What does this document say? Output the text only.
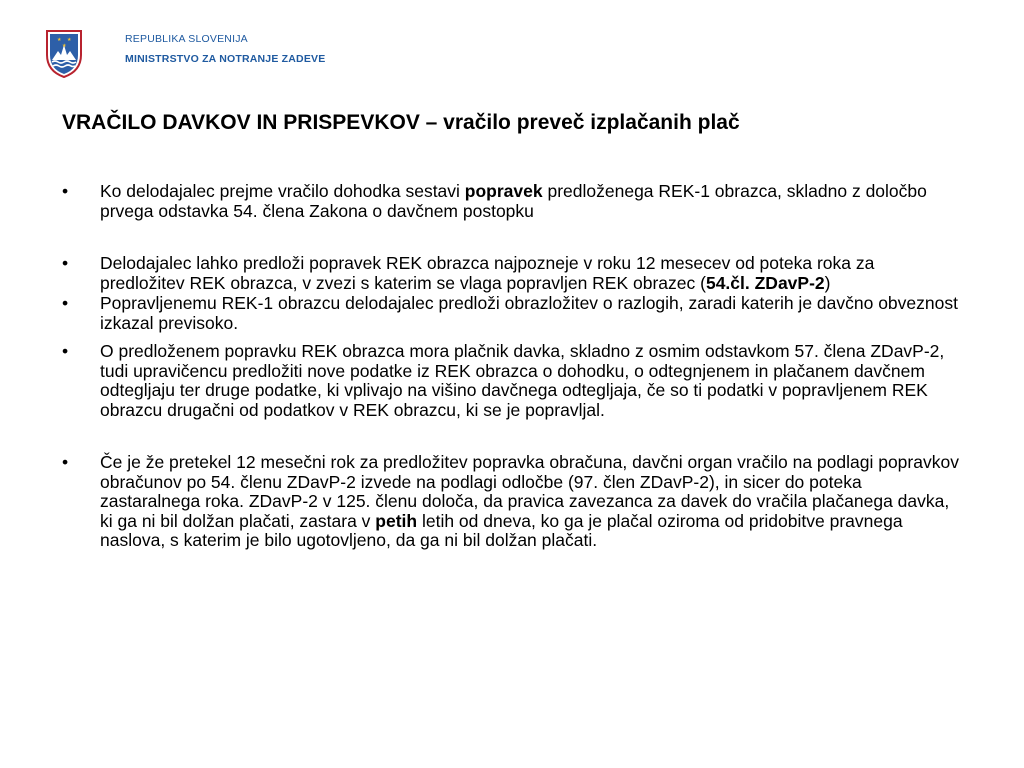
★ ★
★
REPUBLIKA SLOVENIJA
MINISTRSTVO ZA NOTRANJE ZADEVE
VRAČILO DAVKOV IN PRISPEVKOV – vračilo preveč izplačanih plač
• Ko delodajalec prejme vračilo dohodka sestavi popravek predloženega REK-1 obrazca, skladno z določbo prvega odstavka 54. člena Zakona o davčnem postopku
• Delodajalec lahko predloži popravek REK obrazca najpozneje v roku 12 mesecev od poteka roka za predložitev REK obrazca, v zvezi s katerim se vlaga popravljen REK obrazec (54.čl. ZDavP-2)
• Popravljenemu REK-1 obrazcu delodajalec predloži obrazložitev o razlogih, zaradi katerih je davčno obveznost izkazal previsoko.
• O predloženem popravku REK obrazca mora plačnik davka, skladno z osmim odstavkom 57. člena ZDavP-2, tudi upravičencu predložiti nove podatke iz REK obrazca o dohodku, o odtegnjenem in plačanem davčnem odtegljaju ter druge podatke, ki vplivajo na višino davčnega odtegljaja, če so ti podatki v popravljenem REK obrazcu drugačni od podatkov v REK obrazcu, ki se je popravljal.
• Če je že pretekel 12 mesečni rok za predložitev popravka obračuna, davčni organ vračilo na podlagi popravkov obračunov po 54. členu ZDavP-2 izvede na podlagi odločbe (97. člen ZDavP-2), in sicer do poteka zastaralnega roka. ZDavP-2 v 125. členu določa, da pravica zavezanca za davek do vračila plačanega davka, ki ga ni bil dolžan plačati, zastara v petih letih od dneva, ko ga je plačal oziroma od pridobitve pravnega naslova, s katerim je bilo ugotovljeno, da ga ni bil dolžan plačati.
